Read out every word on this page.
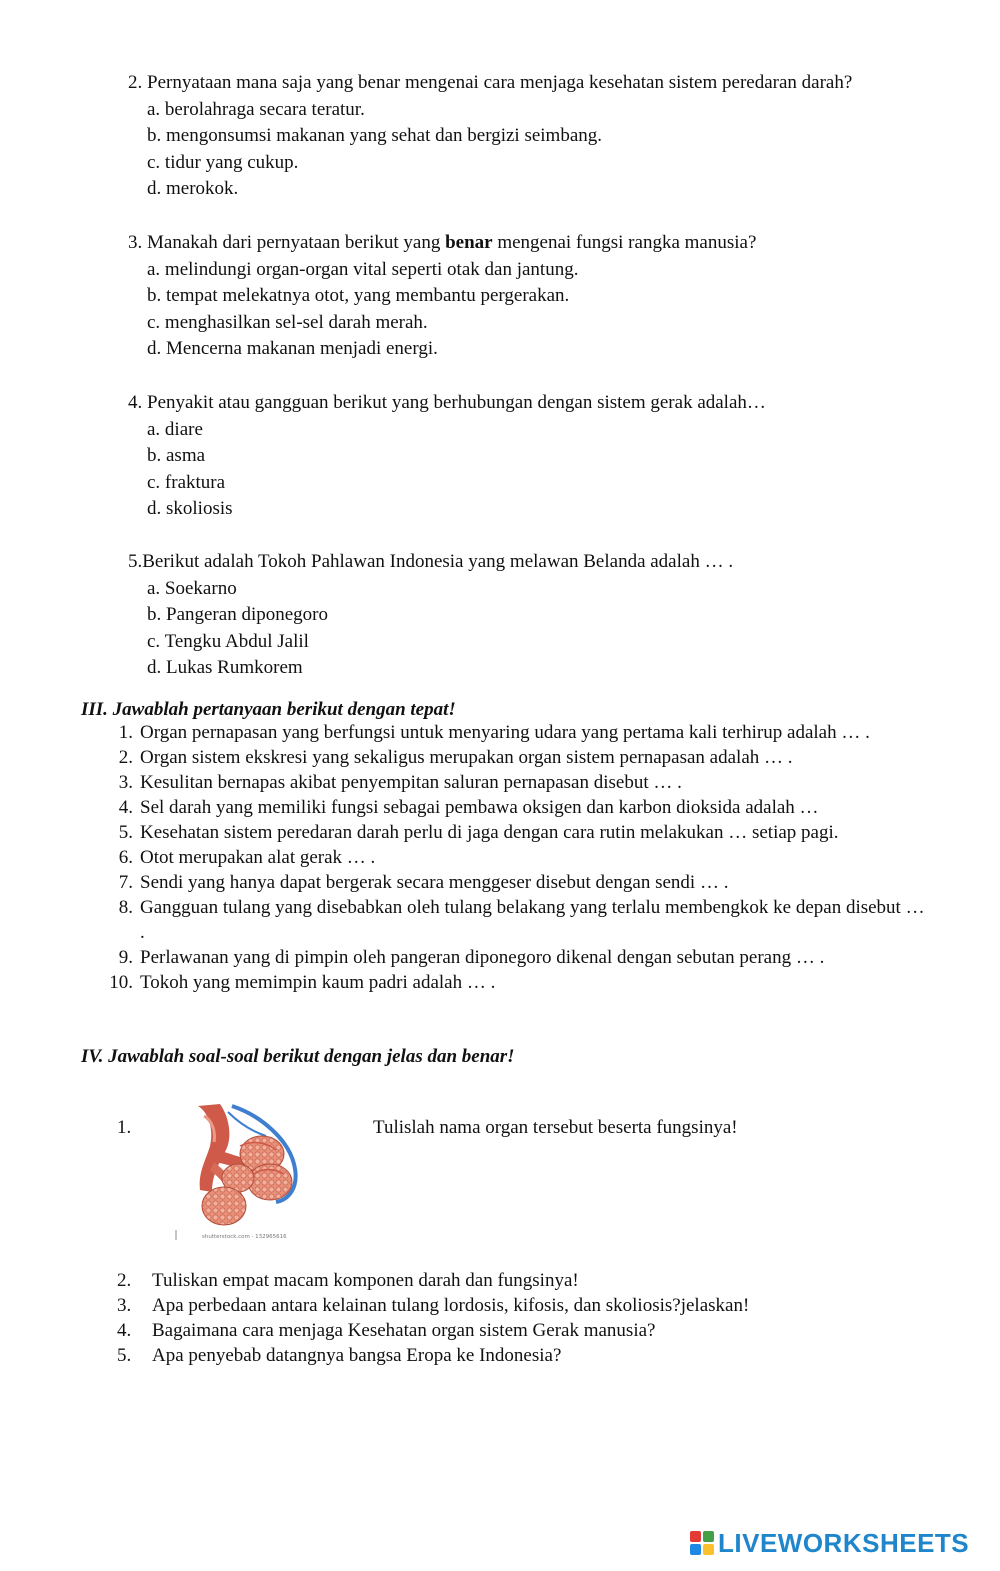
2. Pernyataan mana saja yang benar mengenai cara menjaga kesehatan sistem peredaran darah?
a. berolahraga secara teratur.
b. mengonsumsi makanan yang sehat dan bergizi seimbang.
c. tidur yang cukup.
d. merokok.
3. Manakah dari pernyataan berikut yang benar mengenai fungsi rangka manusia?
a. melindungi organ-organ vital seperti otak dan jantung.
b. tempat melekatnya otot, yang membantu pergerakan.
c. menghasilkan sel-sel darah merah.
d. Mencerna makanan menjadi energi.
4. Penyakit atau gangguan berikut yang berhubungan dengan sistem gerak adalah…
a. diare
b. asma
c. fraktura
d. skoliosis
5.Berikut adalah Tokoh Pahlawan Indonesia yang melawan Belanda adalah … .
a. Soekarno
b. Pangeran diponegoro
c. Tengku Abdul Jalil
d. Lukas Rumkorem
III. Jawablah pertanyaan berikut dengan tepat!
1. Organ pernapasan yang berfungsi untuk menyaring udara yang pertama kali terhirup adalah … .
2. Organ sistem ekskresi yang sekaligus merupakan organ sistem pernapasan adalah … .
3. Kesulitan bernapas akibat penyempitan saluran pernapasan disebut … .
4. Sel darah yang memiliki fungsi sebagai pembawa oksigen dan karbon dioksida adalah …
5. Kesehatan sistem peredaran darah perlu di jaga dengan cara rutin melakukan … setiap pagi.
6. Otot merupakan alat gerak … .
7. Sendi yang hanya dapat bergerak secara menggeser disebut dengan sendi … .
8. Gangguan tulang yang disebabkan oleh tulang belakang yang terlalu membengkok ke depan disebut … .
9. Perlawanan yang di pimpin oleh pangeran diponegoro dikenal dengan sebutan perang … .
10. Tokoh yang memimpin kaum padri adalah … .
IV. Jawablah soal-soal berikut dengan jelas dan benar!
1.	Tulislah nama organ tersebut beserta fungsinya!
shutterstock.com · 132965616
2.	Tuliskan empat macam komponen darah dan fungsinya!
3.	Apa perbedaan antara kelainan tulang lordosis, kifosis, dan skoliosis?jelaskan!
4.	Bagaimana cara menjaga Kesehatan organ sistem Gerak manusia?
5.	Apa penyebab datangnya bangsa Eropa ke Indonesia?
LIVEWORKSHEETS
